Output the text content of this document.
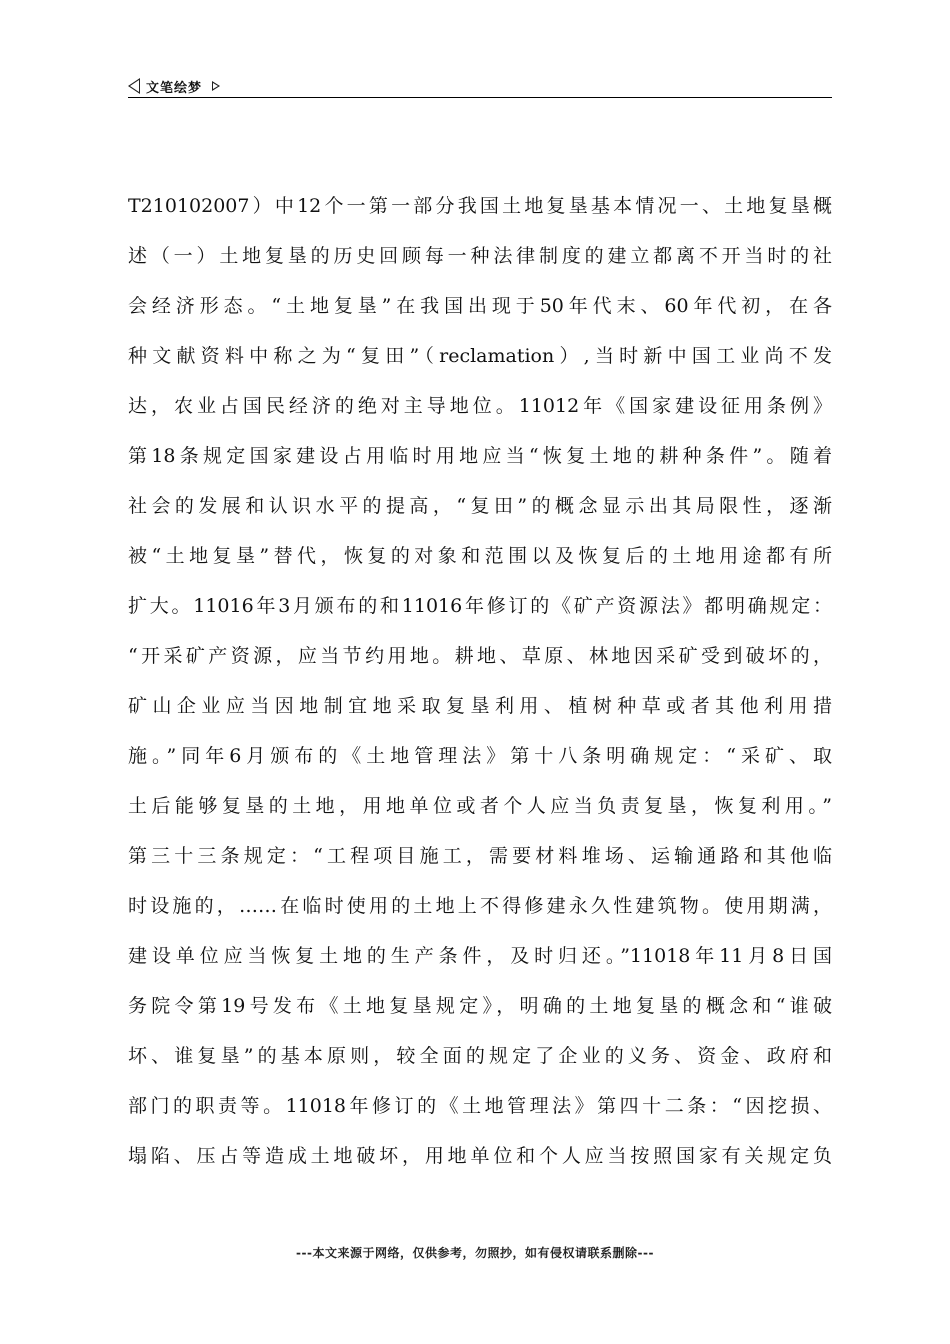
文笔绘梦
T210102007）中12个一第一部分我国土地复垦基本情况一、土地复垦概
述（一）土地复垦的历史回顾每一种法律制度的建立都离不开当时的社
会经济形态。“土地复垦”在我国出现于50年代末、60年代初，在各
种文献资料中称之为“复田”（reclamation）,当时新中国工业尚不发
达，农业占国民经济的绝对主导地位。11012年《国家建设征用条例》
第18条规定国家建设占用临时用地应当“恢复土地的耕种条件”。随着
社会的发展和认识水平的提高，“复田”的概念显示出其局限性，逐渐
被“土地复垦”替代，恢复的对象和范围以及恢复后的土地用途都有所
扩大。11016年3月颁布的和11016年修订的《矿产资源法》都明确规定：
“开采矿产资源，应当节约用地。耕地、草原、林地因采矿受到破坏的，
矿山企业应当因地制宜地采取复垦利用、植树种草或者其他利用措
施。”同年6月颁布的《土地管理法》第十八条明确规定：“采矿、取
土后能够复垦的土地，用地单位或者个人应当负责复垦，恢复利用。”
第三十三条规定：“工程项目施工，需要材料堆场、运输通路和其他临
时设施的，……在临时使用的土地上不得修建永久性建筑物。使用期满，
建设单位应当恢复土地的生产条件，及时归还。”11018年11月8日国
务院令第19号发布《土地复垦规定》，明确的土地复垦的概念和“谁破
坏、谁复垦”的基本原则，较全面的规定了企业的义务、资金、政府和
部门的职责等。11018年修订的《土地管理法》第四十二条：“因挖损、
塌陷、压占等造成土地破坏，用地单位和个人应当按照国家有关规定负
---本文来源于网络，仅供参考，勿照抄，如有侵权请联系删除---
